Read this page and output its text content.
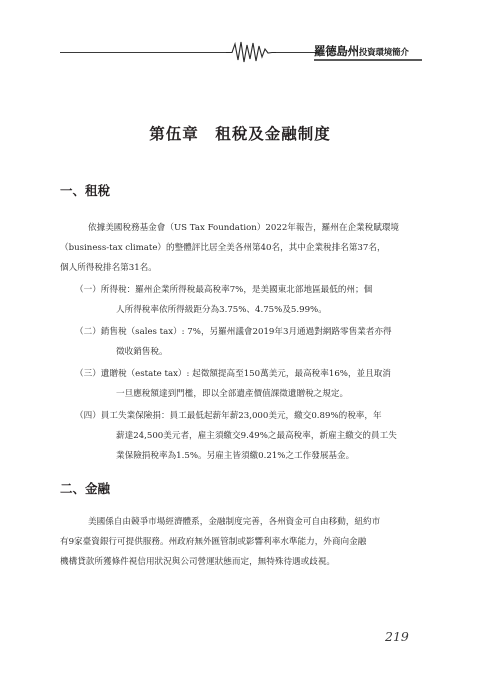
羅德島州投資環境簡介
第伍章　租稅及金融制度
一、租稅
依據美國稅務基金會（US Tax Foundation）2022年報告，羅州在企業稅賦環境
（business-tax climate）的整體評比居全美各州第40名，其中企業稅排名第37名，
個人所得稅排名第31名。
（一）所得稅：羅州企業所得稅最高稅率7%，是美國東北部地區最低的州；個
人所得稅率依所得級距分為3.75%、4.75%及5.99%。
（二）銷售稅（sales tax）: 7%，另羅州議會2019年3月通過對網路零售業者亦得
徵收銷售稅。
（三）遺贈稅（estate tax）: 起徵額提高至150萬美元，最高稅率16%，並且取消
一旦應稅額達到門檻，即以全部遺產價值課徵遺贈稅之規定。
（四）員工失業保險捐：員工最低起薪年薪23,000美元，繳交0.89%的稅率，年
薪達24,500美元者，雇主須繳交9.49%之最高稅率，新雇主繳交的員工失
業保險捐稅率為1.5%。另雇主皆須繳0.21%之工作發展基金。
二、金融
美國係自由競爭市場經濟體系，金融制度完善，各州資金可自由移動，紐約市
有9家臺資銀行可提供服務。州政府無外匯管制或影響利率水準能力，外商向金融
機構貸款所獲條件視信用狀況與公司營運狀態而定，無特殊待遇或歧視。
219
